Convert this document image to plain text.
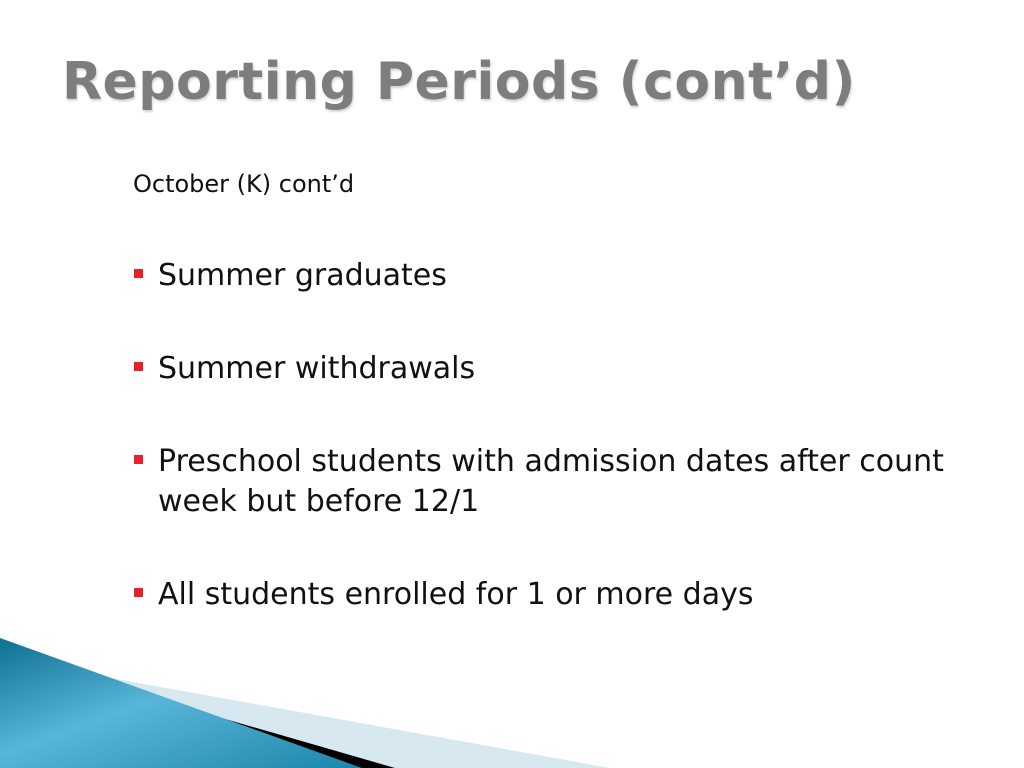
Reporting Periods (cont’d)
October (K) cont’d
Summer graduates
Summer withdrawals
Preschool students with admission dates after count week but before 12/1
All students enrolled for 1 or more days
